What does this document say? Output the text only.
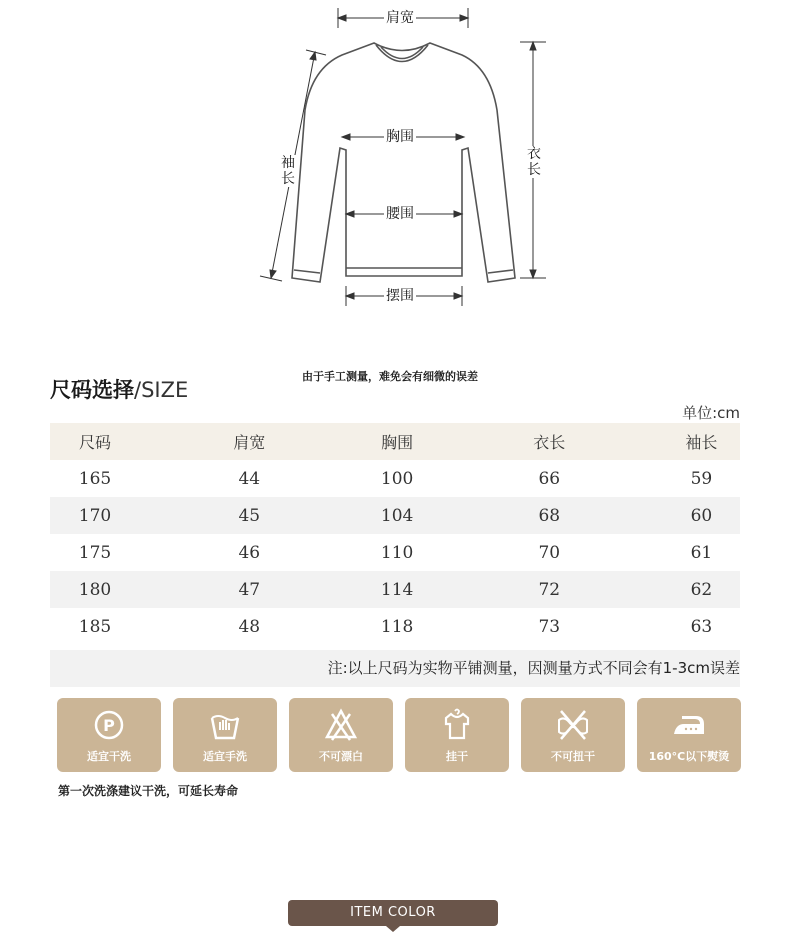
肩宽
胸围
腰围
摆围
衣长
袖长
尺码选择/SIZE
由于手工测量，难免会有细微的误差
单位:cm
尺码	肩宽	胸围	衣长	袖长
165	44	100	66	59
170	45	104	68	60
175	46	110	70	61
180	47	114	72	62
185	48	118	73	63
注:以上尺码为实物平铺测量，因测量方式不同会有1-3cm误差
P
适宜干洗	适宜手洗	不可漂白	挂干	不可扭干	160°C以下熨烫
第一次洗涤建议干洗，可延长寿命
ITEM COLOR
